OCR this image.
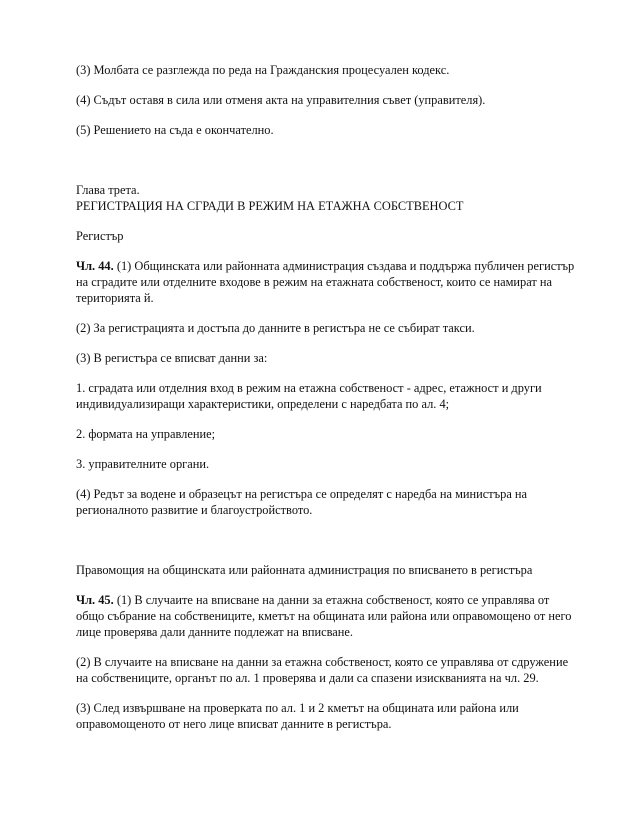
(3) Молбата се разглежда по реда на Гражданския процесуален кодекс.

(4) Съдът оставя в сила или отменя акта на управителния съвет (управителя).

(5) Решението на съда е окончателно.

Глава трета.

РЕГИСТРАЦИЯ НА СГРАДИ В РЕЖИМ НА ЕТАЖНА СОБСТВЕНОСТ

Регистър

Чл. 44. (1) Общинската или районната администрация създава и поддържа публичен регистър на сградите или отделните входове в режим на етажната собственост, които се намират на територията й.

(2) За регистрацията и достъпа до данните в регистъра не се събират такси.

(3) В регистъра се вписват данни за:

1. сградата или отделния вход в режим на етажна собственост - адрес, етажност и други индивидуализиращи характеристики, определени с наредбата по ал. 4;

2. формата на управление;

3. управителните органи.

(4) Редът за водене и образецът на регистъра се определят с наредба на министъра на регионалното развитие и благоустройството.

Правомощия на общинската или районната администрация по вписването в регистъра

Чл. 45. (1) В случаите на вписване на данни за етажна собственост, която се управлява от общо събрание на собствениците, кметът на общината или района или оправомощено от него лице проверява дали данните подлежат на вписване.

(2) В случаите на вписване на данни за етажна собственост, която се управлява от сдружение на собствениците, органът по ал. 1 проверява и дали са спазени изискванията на чл. 29.

(3) След извършване на проверката по ал. 1 и 2 кметът на общината или района или оправомощеното от него лице вписват данните в регистъра.
